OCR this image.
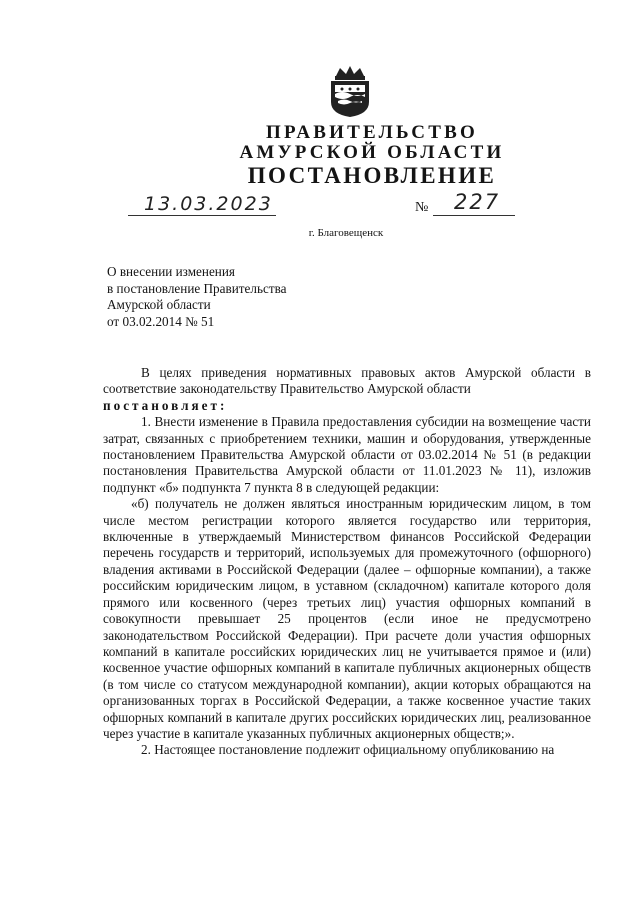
ПРАВИТЕЛЬСТВО
АМУРСКОЙ ОБЛАСТИ
ПОСТАНОВЛЕНИЕ
13.03.2023	№ 227
г. Благовещенск
О внесении изменения
в постановление Правительства
Амурской области
от 03.02.2014 № 51

В целях приведения нормативных правовых актов Амурской области в соответствие законодательству Правительство Амурской области

постановляет:

1. Внести изменение в Правила предоставления субсидии на возмещение части затрат, связанных с приобретением техники, машин и оборудования, утвержденные постановлением Правительства Амурской области от 03.02.2014 № 51 (в редакции постановления Правительства Амурской области от 11.01.2023 № 11), изложив подпункт «б» подпункта 7 пункта 8 в следующей редакции:

«б) получатель не должен являться иностранным юридическим лицом, в том числе местом регистрации которого является государство или территория, включенные в утверждаемый Министерством финансов Российской Федерации перечень государств и территорий, используемых для промежуточного (офшорного) владения активами в Российской Федерации (далее – офшорные компании), а также российским юридическим лицом, в уставном (складочном) капитале которого доля прямого или косвенного (через третьих лиц) участия офшорных компаний в совокупности превышает 25 процентов (если иное не предусмотрено законодательством Российской Федерации). При расчете доли участия офшорных компаний в капитале российских юридических лиц не учитывается прямое и (или) косвенное участие офшорных компаний в капитале публичных акционерных обществ (в том числе со статусом международной компании), акции которых обращаются на организованных торгах в Российской Федерации, а также косвенное участие таких офшорных компаний в капитале других российских юридических лиц, реализованное через участие в капитале указанных публичных акционерных обществ;».

2. Настоящее постановление подлежит официальному опубликованию на
